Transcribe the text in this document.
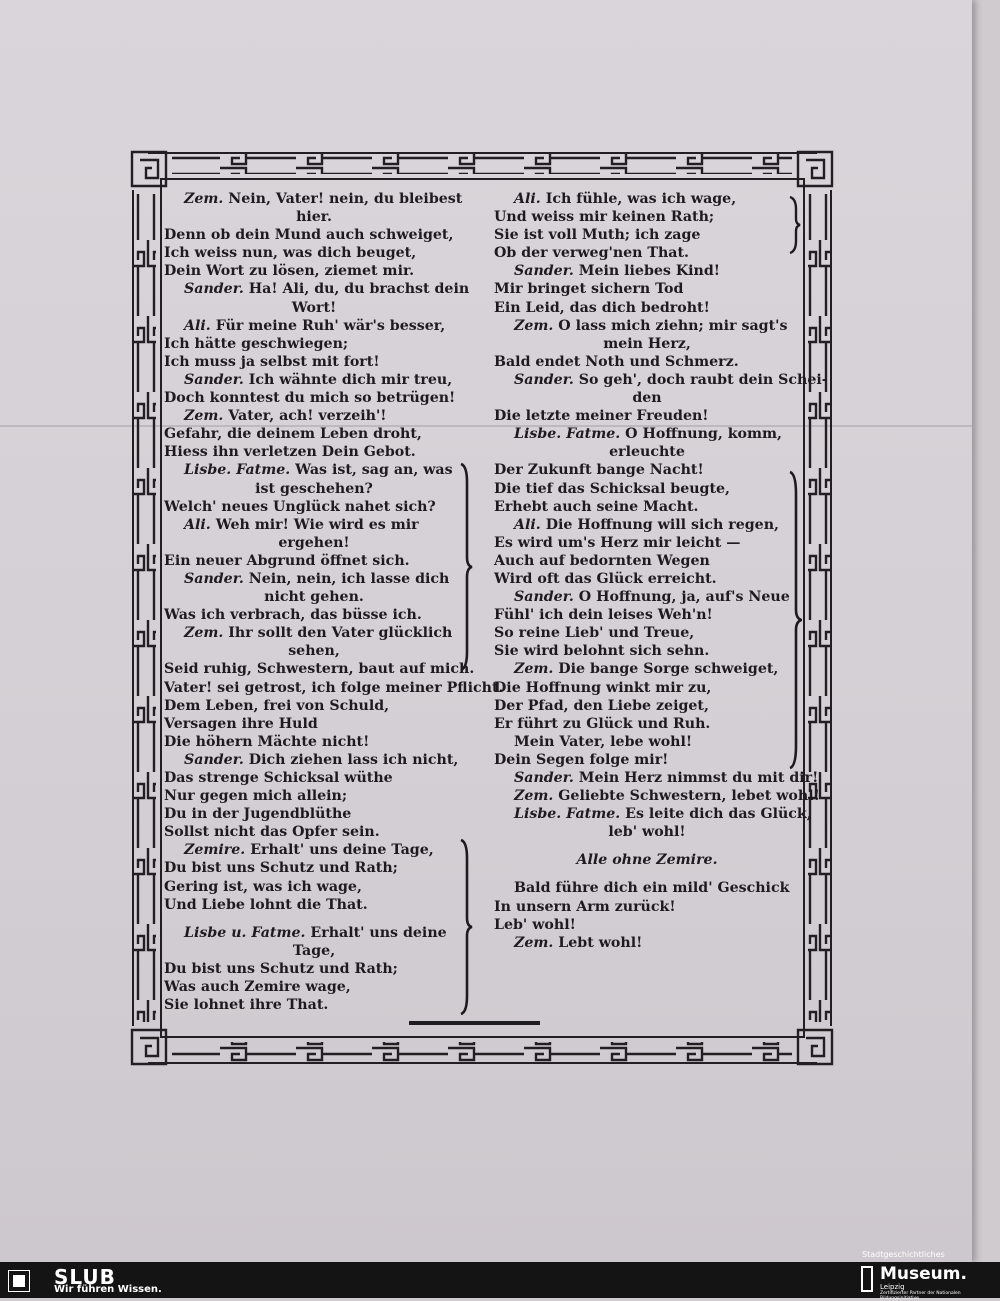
Zem. Nein, Vater! nein, du bleibest
hier.
Denn ob dein Mund auch schweiget,
Ich weiss nun, was dich beuget,
Dein Wort zu lösen, ziemet mir.
Sander. Ha! Ali, du, du brachst dein
Wort!
Ali. Für meine Ruh' wär's besser,
Ich hätte geschwiegen;
Ich muss ja selbst mit fort!
Sander. Ich wähnte dich mir treu,
Doch konntest du mich so betrügen!
Zem. Vater, ach! verzeih'!
Gefahr, die deinem Leben droht,
Hiess ihn verletzen Dein Gebot.
Lisbe. Fatme. Was ist, sag an, was
ist geschehen?
Welch' neues Unglück nahet sich?
Ali. Weh mir! Wie wird es mir
ergehen!
Ein neuer Abgrund öffnet sich.
Sander. Nein, nein, ich lasse dich
nicht gehen.
Was ich verbrach, das büsse ich.
Zem. Ihr sollt den Vater glücklich
sehen,
Seid ruhig, Schwestern, baut auf mich.
Vater! sei getrost, ich folge meiner Pflicht.
Dem Leben, frei von Schuld,
Versagen ihre Huld
Die höhern Mächte nicht!
Sander. Dich ziehen lass ich nicht,
Das strenge Schicksal wüthe
Nur gegen mich allein;
Du in der Jugendblüthe
Sollst nicht das Opfer sein.
Zemire. Erhalt' uns deine Tage,
Du bist uns Schutz und Rath;
Gering ist, was ich wage,
Und Liebe lohnt die That.
Lisbe u. Fatme. Erhalt' uns deine
Tage,
Du bist uns Schutz und Rath;
Was auch Zemire wage,
Sie lohnet ihre That.
Ali. Ich fühle, was ich wage,
Und weiss mir keinen Rath;
Sie ist voll Muth; ich zage
Ob der verweg'nen That.
Sander. Mein liebes Kind!
Mir bringet sichern Tod
Ein Leid, das dich bedroht!
Zem. O lass mich ziehn; mir sagt's
mein Herz,
Bald endet Noth und Schmerz.
Sander. So geh', doch raubt dein Schei-
den
Die letzte meiner Freuden!
Lisbe. Fatme. O Hoffnung, komm,
erleuchte
Der Zukunft bange Nacht!
Die tief das Schicksal beugte,
Erhebt auch seine Macht.
Ali. Die Hoffnung will sich regen,
Es wird um's Herz mir leicht —
Auch auf bedornten Wegen
Wird oft das Glück erreicht.
Sander. O Hoffnung, ja, auf's Neue
Fühl' ich dein leises Weh'n!
So reine Lieb' und Treue,
Sie wird belohnt sich sehn.
Zem. Die bange Sorge schweiget,
Die Hoffnung winkt mir zu,
Der Pfad, den Liebe zeiget,
Er führt zu Glück und Ruh.
Mein Vater, lebe wohl!
Dein Segen folge mir!
Sander. Mein Herz nimmst du mit dir!
Zem. Geliebte Schwestern, lebet wohl!
Lisbe. Fatme. Es leite dich das Glück,
leb' wohl!
Alle ohne Zemire.
Bald führe dich ein mild' Geschick
In unsern Arm zurück!
Leb' wohl!
Zem. Lebt wohl!
SLUB
Wir führen Wissen.
Stadtgeschichtliches
Museum.
Leipzig
Zertifizierter Partner der Nationalen Bildungsinitiative
